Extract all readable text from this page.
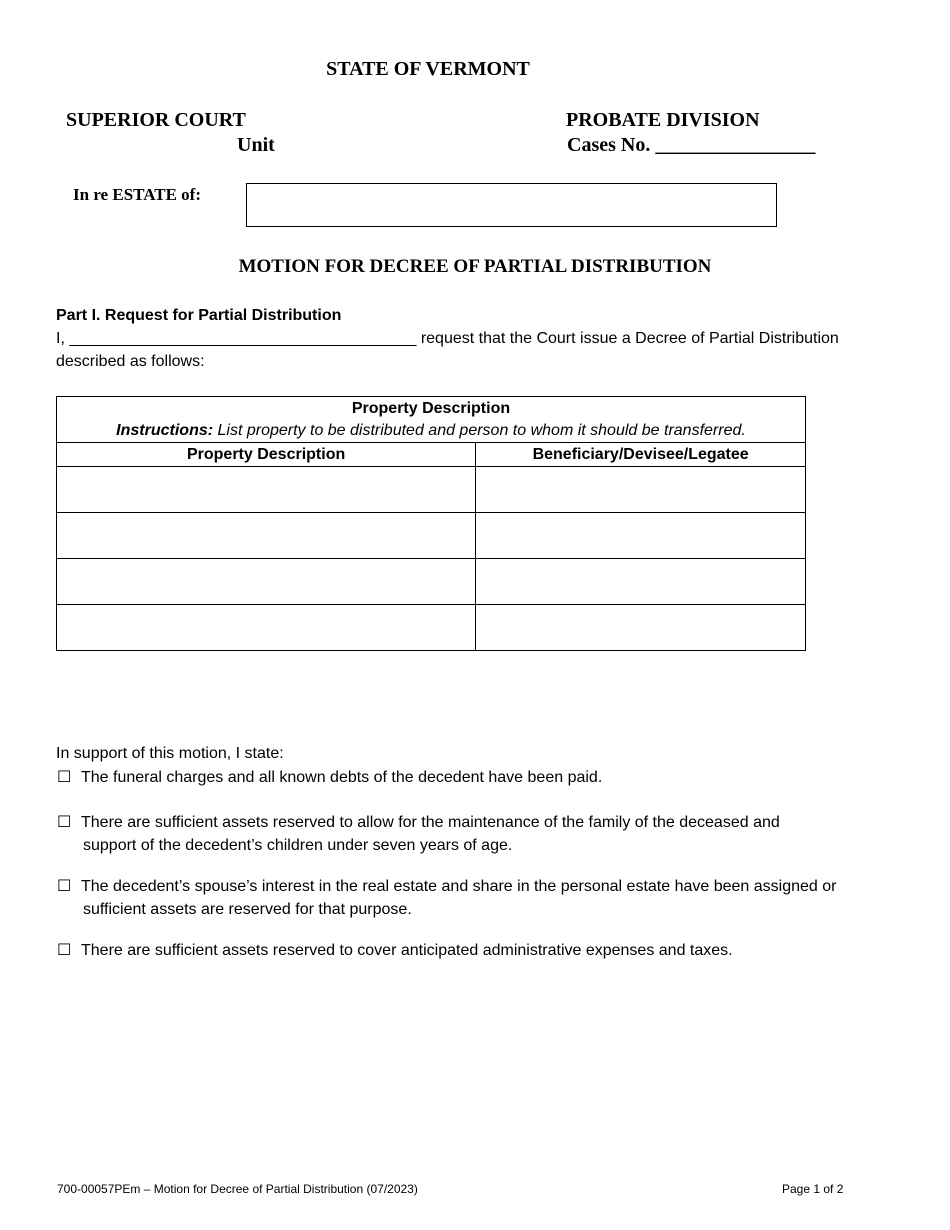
STATE OF VERMONT
SUPERIOR COURT
Unit
PROBATE DIVISION
Cases No. ________________
In re ESTATE of:
MOTION FOR DECREE OF PARTIAL DISTRIBUTION
Part I. Request for Partial Distribution
I, _______________________________________ request that the Court issue a Decree of Partial Distribution
described as follows:
Property Description
Instructions: List property to be distributed and person to whom it should be transferred.	

Property Description	Beneficiary/Devisee/Legatee

In support of this motion, I state:
☐ The funeral charges and all known debts of the decedent have been paid.
☐ There are sufficient assets reserved to allow for the maintenance of the family of the deceased and
support of the decedent’s children under seven years of age.
☐ The decedent’s spouse’s interest in the real estate and share in the personal estate have been assigned or
sufficient assets are reserved for that purpose.
☐ There are sufficient assets reserved to cover anticipated administrative expenses and taxes.
700-00057PEm – Motion for Decree of Partial Distribution (07/2023)	Page 1 of 2
